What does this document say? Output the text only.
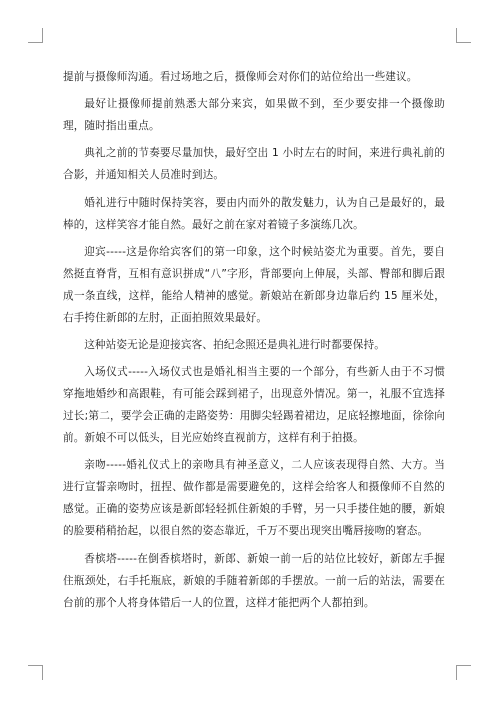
提前与摄像师沟通。看过场地之后，摄像师会对你们的站位给出一些建议。

最好让摄像师提前熟悉大部分来宾，如果做不到，至少要安排一个摄像助理，随时指出重点。

典礼之前的节奏要尽量加快，最好空出 1 小时左右的时间，来进行典礼前的合影，并通知相关人员准时到达。

婚礼进行中随时保持笑容，要由内而外的散发魅力，认为自己是最好的，最棒的，这样笑容才能自然。最好之前在家对着镜子多演练几次。

迎宾-----这是你给宾客们的第一印象，这个时候站姿尤为重要。首先，要自然挺直脊背，互相有意识拼成“八”字形，背部要向上伸展，头部、臀部和脚后跟成一条直线，这样，能给人精神的感觉。新娘站在新郎身边靠后约 15 厘米处，右手挎住新郎的左肘，正面拍照效果最好。

这种站姿无论是迎接宾客、拍纪念照还是典礼进行时都要保持。

入场仪式-----入场仪式也是婚礼相当主要的一个部分，有些新人由于不习惯穿拖地婚纱和高跟鞋，有可能会踩到裙子，出现意外情况。第一，礼服不宜选择过长;第二，要学会正确的走路姿势：用脚尖轻踢着裙边，足底轻擦地面，徐徐向前。新娘不可以低头，目光应始终直视前方，这样有利于拍摄。

亲吻-----婚礼仪式上的亲吻具有神圣意义，二人应该表现得自然、大方。当进行宣誓亲吻时，扭捏、做作都是需要避免的，这样会给客人和摄像师不自然的感觉。正确的姿势应该是新郎轻轻抓住新娘的手臂，另一只手搂住她的腰，新娘的脸要稍稍抬起，以很自然的姿态靠近，千万不要出现突出嘴唇接吻的窘态。

香槟塔-----在倒香槟塔时，新郎、新娘一前一后的站位比较好，新郎左手握住瓶颈处，右手托瓶底，新娘的手随着新郎的手摆放。一前一后的站法，需要在台前的那个人将身体错后一人的位置，这样才能把两个人都拍到。
